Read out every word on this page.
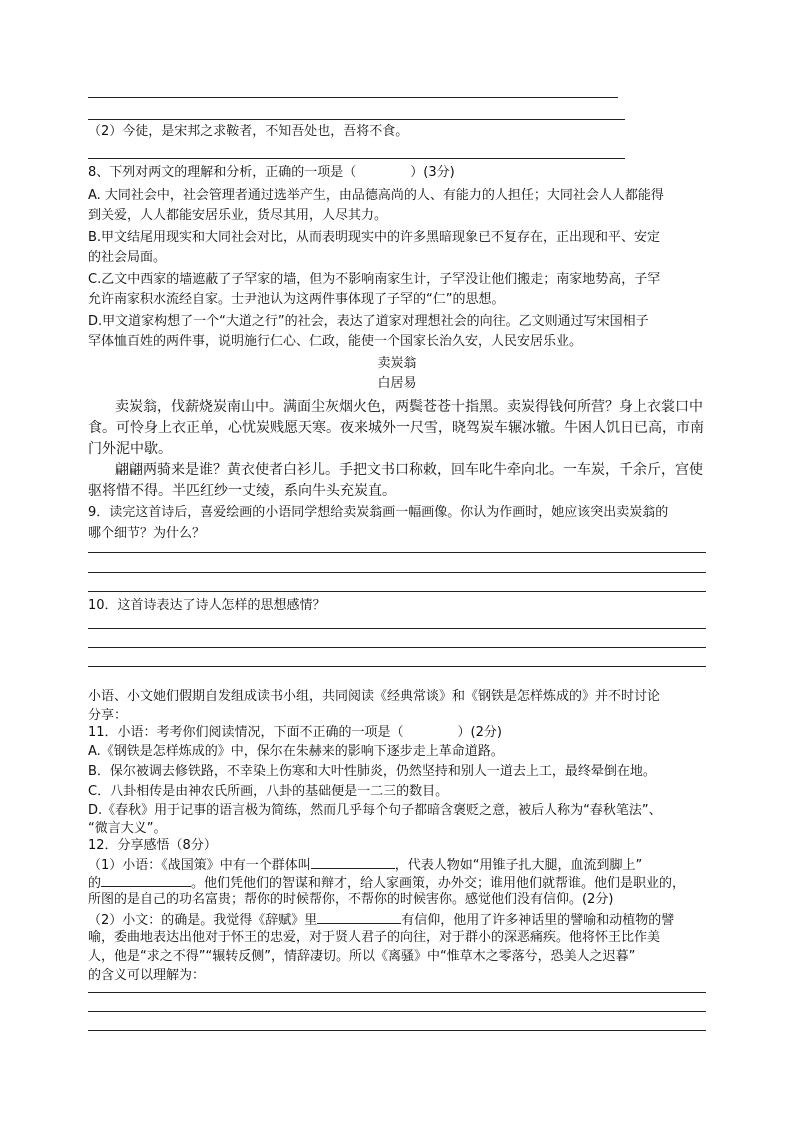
（2）今徒，是宋邦之求鞍者，不知吾处也，吾将不食。
8、下列对两文的理解和分析，正确的一项是（	）(3分)
A. 大同社会中，社会管理者通过选举产生，由品德高尚的人、有能力的人担任；大同社会人人都能得
到关爱，人人都能安居乐业，货尽其用，人尽其力。
B.甲文结尾用现实和大同社会对比，从而表明现实中的许多黑暗现象已不复存在，正出现和平、安定
的社会局面。
C.乙文中西家的墙遮蔽了子罕家的墙，但为不影响南家生计，子罕没让他们搬走；南家地势高，子罕
允许南家积水流经自家。士尹池认为这两件事体现了子罕的“仁”的思想。
D.甲文道家构想了一个“大道之行”的社会，表达了道家对理想社会的向往。乙文则通过写宋国相子
罕体恤百姓的两件事，说明施行仁心、仁政，能使一个国家长治久安，人民安居乐业。
卖炭翁
白居易
卖炭翁，伐薪烧炭南山中。满面尘灰烟火色，两鬓苍苍十指黑。卖炭得钱何所营？身上衣裳口中
食。可怜身上衣正单，心忧炭贱愿天寒。夜来城外一尺雪，晓驾炭车辗冰辙。牛困人饥日已高，市南
门外泥中歇。
翩翩两骑来是谁？黄衣使者白衫儿。手把文书口称敕，回车叱牛牵向北。一车炭，千余斤，宫使
驱将惜不得。半匹红纱一丈绫，系向牛头充炭直。
9．读完这首诗后，喜爱绘画的小语同学想给卖炭翁画一幅画像。你认为作画时，她应该突出卖炭翁的
哪个细节？为什么？
10．这首诗表达了诗人怎样的思想感情？
小语、小文她们假期自发组成读书小组，共同阅读《经典常谈》和《钢铁是怎样炼成的》并不时讨论
分享：
11．小语：考考你们阅读情况，下面不正确的一项是（	）(2分)
A.《钢铁是怎样炼成的》中，保尔在朱赫来的影响下逐步走上革命道路。
B．保尔被调去修铁路，不幸染上伤寒和大叶性肺炎，仍然坚持和别人一道去上工，最终晕倒在地。
C．八卦相传是由神农氏所画，八卦的基础便是一二三的数目。
D.《春秋》用于记事的语言极为简练，然而几乎每个句子都暗含褒贬之意，被后人称为“春秋笔法”、
“微言大义”。
12．分享感悟（8分）
（1）小语：《战国策》中有一个群体叫	，代表人物如“用锥子扎大腿，血流到脚上”
的	。他们凭他们的智谋和辩才，给人家画策，办外交；谁用他们就帮谁。他们是职业的，
所图的是自己的功名富贵；帮你的时候帮你，不帮你的时候害你。感觉他们没有信仰。(2分)
（2）小文：的确是。我觉得《辞赋》里	有信仰，他用了许多神话里的譬喻和动植物的譬
喻，委曲地表达出他对于怀王的忠爱，对于贤人君子的向往，对于群小的深恶痛疾。他将怀王比作美
人，他是“求之不得”“辗转反侧”，情辞凄切。所以《离骚》中“惟草木之零落兮，恐美人之迟暮”
的含义可以理解为：
